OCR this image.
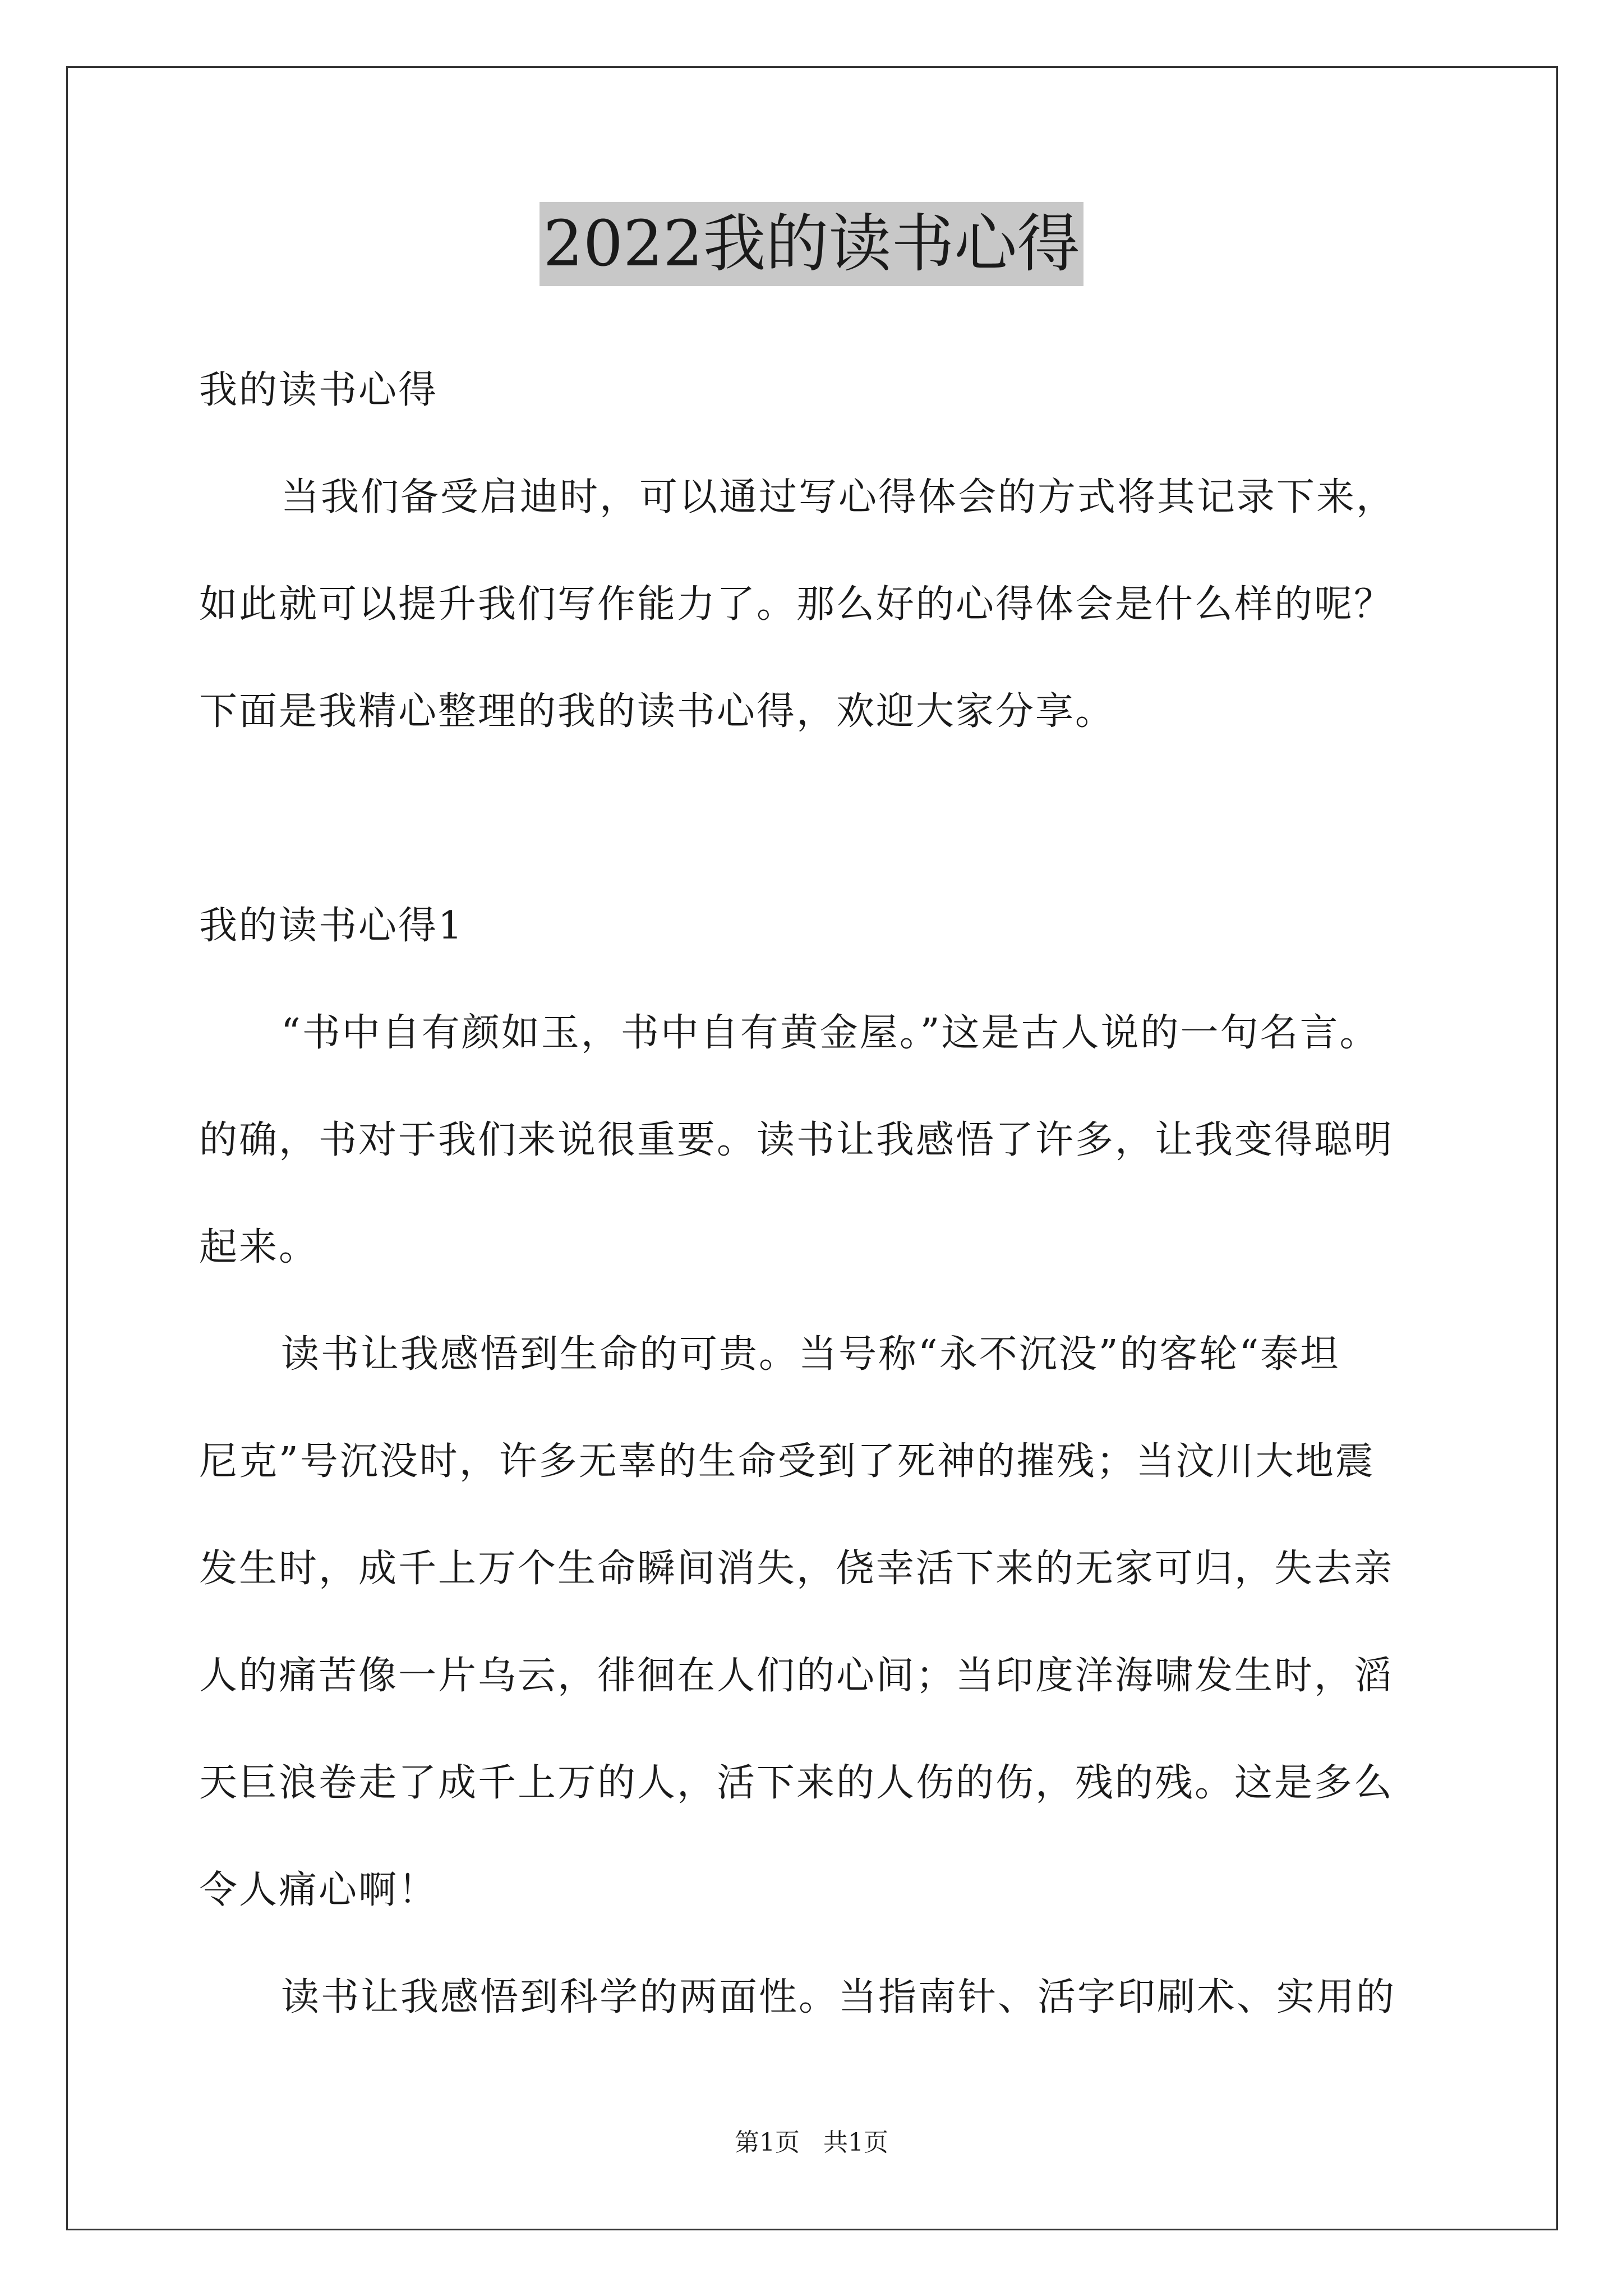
2022我的读书心得
我的读书心得
当我们备受启迪时，可以通过写心得体会的方式将其记录下来，
如此就可以提升我们写作能力了。那么好的心得体会是什么样的呢？
下面是我精心整理的我的读书心得，欢迎大家分享。
我的读书心得1
“书中自有颜如玉，书中自有黄金屋。”这是古人说的一句名言。
的确，书对于我们来说很重要。读书让我感悟了许多，让我变得聪明
起来。
读书让我感悟到生命的可贵。当号称“永不沉没”的客轮“泰坦
尼克”号沉没时，许多无辜的生命受到了死神的摧残；当汶川大地震
发生时，成千上万个生命瞬间消失，侥幸活下来的无家可归，失去亲
人的痛苦像一片乌云，徘徊在人们的心间；当印度洋海啸发生时，滔
天巨浪卷走了成千上万的人，活下来的人伤的伤，残的残。这是多么
令人痛心啊！
读书让我感悟到科学的两面性。当指南针、活字印刷术、实用的
第1页 共1页
